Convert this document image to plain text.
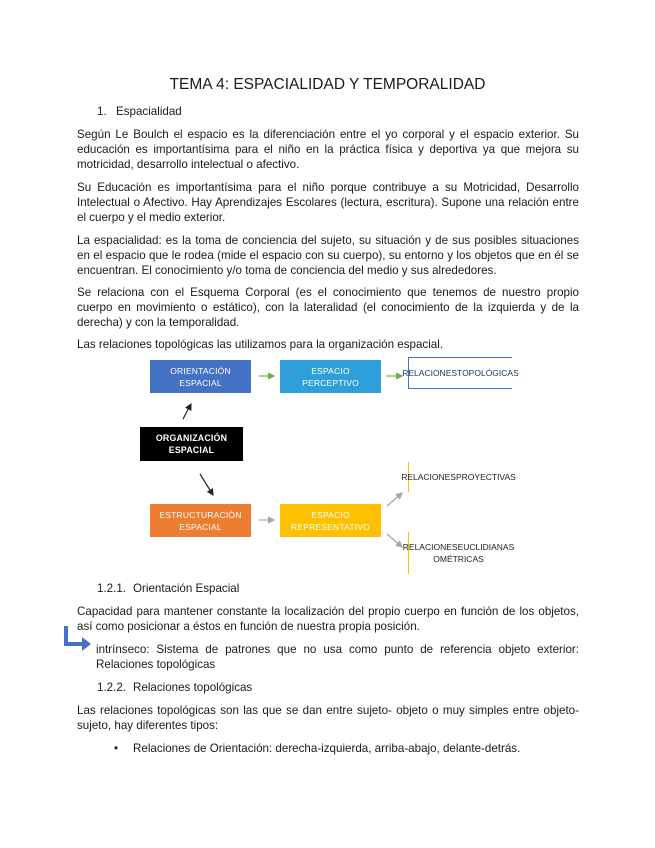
TEMA 4: ESPACIALIDAD Y TEMPORALIDAD
1. Espacialidad
Según Le Boulch el espacio es la diferenciación entre el yo corporal y el espacio exterior. Su educación es importantísima para el niño en la práctica física y deportiva ya que mejora su motricidad, desarrollo intelectual o afectivo.
Su Educación es importantísima para el niño porque contribuye a su Motricidad, Desarrollo Intelectual o Afectivo. Hay Aprendizajes Escolares (lectura, escritura). Supone una relación entre el cuerpo y el medio exterior.
La espacialidad: es la toma de conciencia del sujeto, su situación y de sus posibles situaciones en el espacio que le rodea (mide el espacio con su cuerpo), su entorno y los objetos que en él se encuentran. El conocimiento y/o toma de conciencia del medio y sus alrededores.
Se relaciona con el Esquema Corporal (es el conocimiento que tenemos de nuestro propio cuerpo en movimiento o estático), con la lateralidad (el conocimiento de la izquierda y de la derecha) y con la temporalidad.
Las relaciones topológicas las utilizamos para la organización espacial.
ORIENTACIÓN
ESPACIAL
ESPACIO
PERCEPTIVO
RELACIONESTOPOLÓGICAS
ORGANIZACIÓN
ESPACIAL
ESTRUCTURACIÓN
ESPACIAL
ESPACIO
REPRESENTATIVO
RELACIONESPROYECTIVAS
RELACIONESEUCLIDIANAS OMÉTRICAS
1.2.1. Orientación Espacial
Capacidad para mantener constante la localización del propio cuerpo en función de los objetos, así como posicionar a éstos en función de nuestra propia posición.
intrínseco: Sistema de patrones que no usa como punto de referencia objeto exterior: Relaciones topológicas
1.2.2. Relaciones topológicas
Las relaciones topológicas son las que se dan entre sujeto- objeto o muy simples entre objeto-sujeto, hay diferentes tipos:
• Relaciones de Orientación: derecha-izquierda, arriba-abajo, delante-detrás.
